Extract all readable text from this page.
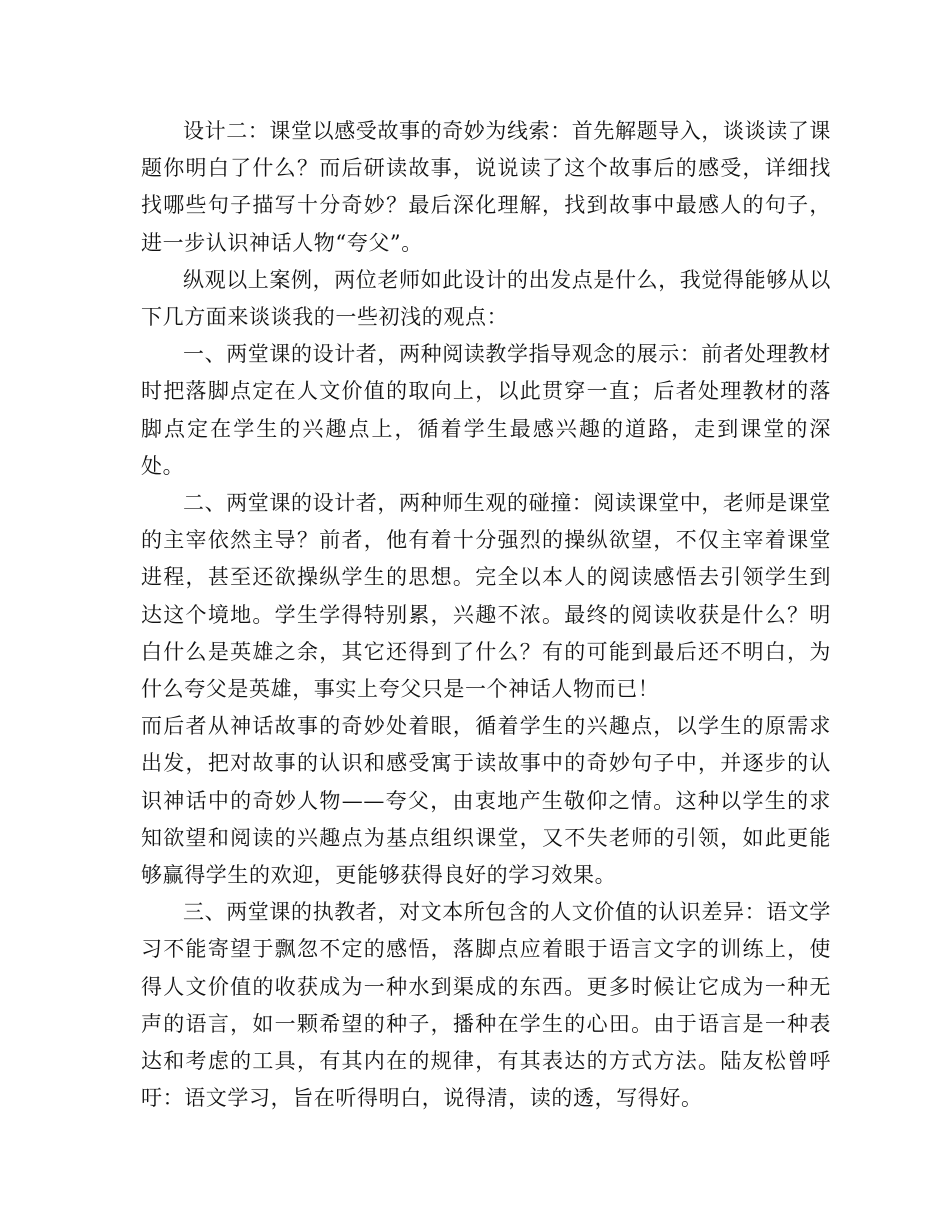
设计二：课堂以感受故事的奇妙为线索：首先解题导入，谈谈读了课题你明白了什么？而后研读故事，说说读了这个故事后的感受，详细找找哪些句子描写十分奇妙？最后深化理解，找到故事中最感人的句子，进一步认识神话人物“夸父”。

纵观以上案例，两位老师如此设计的出发点是什么，我觉得能够从以下几方面来谈谈我的一些初浅的观点：

一、两堂课的设计者，两种阅读教学指导观念的展示：前者处理教材时把落脚点定在人文价值的取向上，以此贯穿一直；后者处理教材的落脚点定在学生的兴趣点上，循着学生最感兴趣的道路，走到课堂的深处。

二、两堂课的设计者，两种师生观的碰撞：阅读课堂中，老师是课堂的主宰依然主导？前者，他有着十分强烈的操纵欲望，不仅主宰着课堂进程，甚至还欲操纵学生的思想。完全以本人的阅读感悟去引领学生到达这个境地。学生学得特别累，兴趣不浓。最终的阅读收获是什么？明白什么是英雄之余，其它还得到了什么？有的可能到最后还不明白，为什么夸父是英雄，事实上夸父只是一个神话人物而已！

而后者从神话故事的奇妙处着眼，循着学生的兴趣点，以学生的原需求出发，把对故事的认识和感受寓于读故事中的奇妙句子中，并逐步的认识神话中的奇妙人物——夸父，由衷地产生敬仰之情。这种以学生的求知欲望和阅读的兴趣点为基点组织课堂，又不失老师的引领，如此更能够赢得学生的欢迎，更能够获得良好的学习效果。

三、两堂课的执教者，对文本所包含的人文价值的认识差异：语文学习不能寄望于飘忽不定的感悟，落脚点应着眼于语言文字的训练上，使得人文价值的收获成为一种水到渠成的东西。更多时候让它成为一种无声的语言，如一颗希望的种子，播种在学生的心田。由于语言是一种表达和考虑的工具，有其内在的规律，有其表达的方式方法。陆友松曾呼吁：语文学习，旨在听得明白，说得清，读的透，写得好。
